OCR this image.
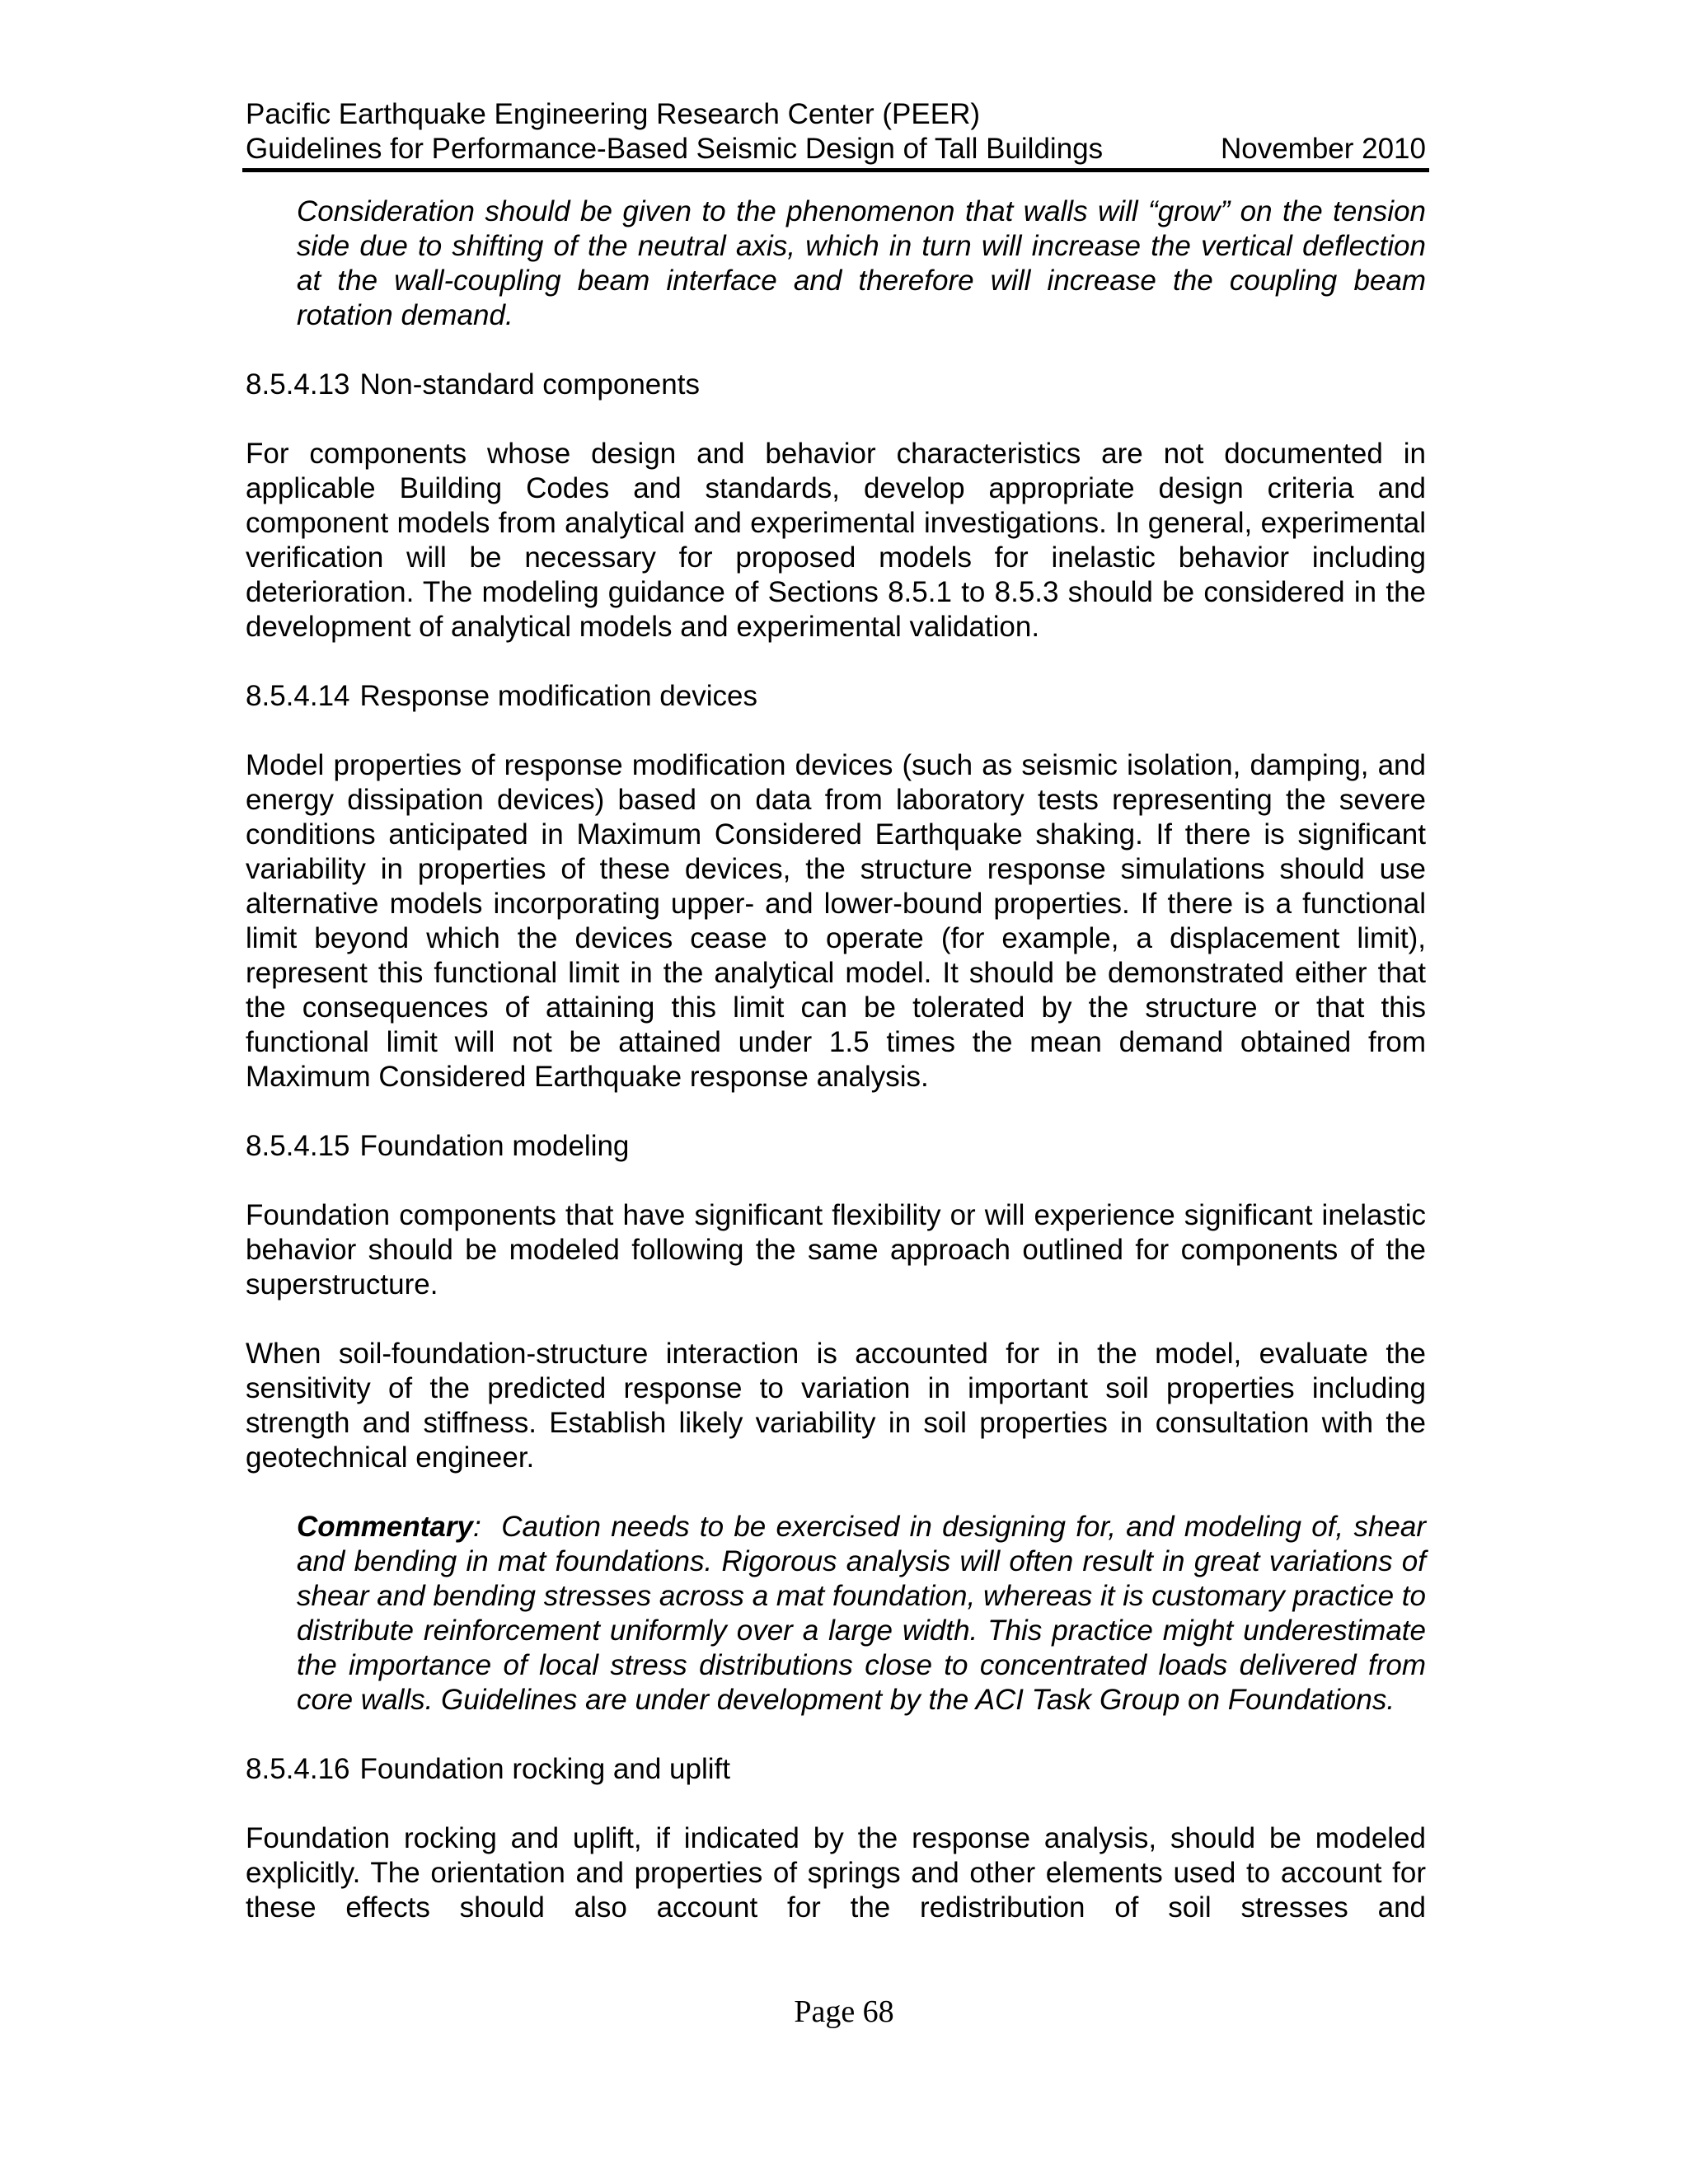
Pacific Earthquake Engineering Research Center (PEER)
Guidelines for Performance-Based Seismic Design of Tall Buildings	November 2010
Consideration should be given to the phenomenon that walls will “grow” on the tension side due to shifting of the neutral axis, which in turn will increase the vertical deflection at the wall-coupling beam interface and therefore will increase the coupling beam rotation demand.
8.5.4.13 Non-standard components
For components whose design and behavior characteristics are not documented in applicable Building Codes and standards, develop appropriate design criteria and component models from analytical and experimental investigations. In general, experimental verification will be necessary for proposed models for inelastic behavior including deterioration. The modeling guidance of Sections 8.5.1 to 8.5.3 should be considered in the development of analytical models and experimental validation.
8.5.4.14 Response modification devices
Model properties of response modification devices (such as seismic isolation, damping, and energy dissipation devices) based on data from laboratory tests representing the severe conditions anticipated in Maximum Considered Earthquake shaking. If there is significant variability in properties of these devices, the structure response simulations should use alternative models incorporating upper- and lower-bound properties. If there is a functional limit beyond which the devices cease to operate (for example, a displacement limit), represent this functional limit in the analytical model. It should be demonstrated either that the consequences of attaining this limit can be tolerated by the structure or that this functional limit will not be attained under 1.5 times the mean demand obtained from Maximum Considered Earthquake response analysis.
8.5.4.15 Foundation modeling
Foundation components that have significant flexibility or will experience significant inelastic behavior should be modeled following the same approach outlined for components of the superstructure.
When soil-foundation-structure interaction is accounted for in the model, evaluate the sensitivity of the predicted response to variation in important soil properties including strength and stiffness. Establish likely variability in soil properties in consultation with the geotechnical engineer.
Commentary: Caution needs to be exercised in designing for, and modeling of, shear and bending in mat foundations. Rigorous analysis will often result in great variations of shear and bending stresses across a mat foundation, whereas it is customary practice to distribute reinforcement uniformly over a large width. This practice might underestimate the importance of local stress distributions close to concentrated loads delivered from core walls. Guidelines are under development by the ACI Task Group on Foundations.
8.5.4.16 Foundation rocking and uplift
Foundation rocking and uplift, if indicated by the response analysis, should be modeled explicitly. The orientation and properties of springs and other elements used to account for these effects should also account for the redistribution of soil stresses and
Page 68
